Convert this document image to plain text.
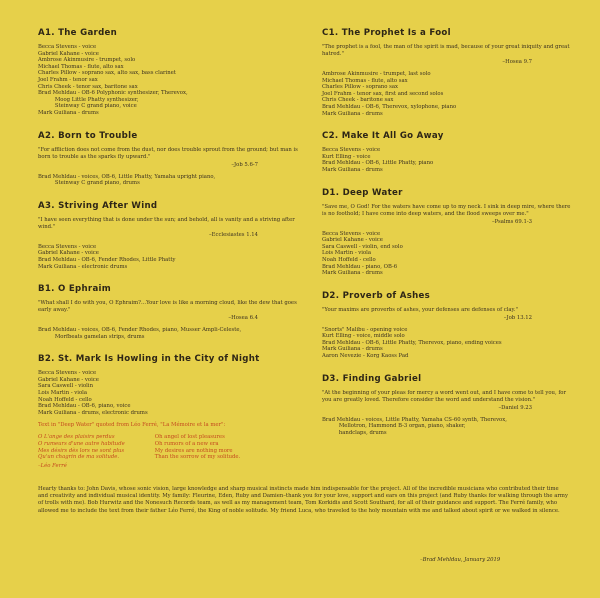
A1. The Garden
Becca Stevens - voice
Gabriel Kahane - voice
Ambrose Akinmusire - trumpet, solo
Michael Thomas - flute, alto sax
Charles Pillow - soprano sax, alto sax, bass clarinet
Joel Frahm - tenor sax
Chris Cheek - tenor sax, baritone sax
Brad Mehldau - OB-6 Polyphonic synthesizer, Therevox,
Moog Little Phatty synthesizer,
Steinway C grand piano, voice
Mark Guiliana - drums
A2. Born to Trouble
"For affliction does not come from the dust, nor does trouble sprout from the ground; but man is born to trouble as the sparks fly upward."
–Job 5.6-7
Brad Mehldau - voices, OB-6, Little Phatty, Yamaha upright piano,
Steinway C grand piano, drums
A3. Striving After Wind
"I have seen everything that is done under the sun; and behold, all is vanity and a striving after wind."
–Ecclesiastes 1.14
Becca Stevens - voice
Gabriel Kahane - voice
Brad Mehldau - OB-6, Fender Rhodes, Little Phatty
Mark Guiliana - electronic drums
B1. O Ephraim
"What shall I do with you, O Ephraim?...Your love is like a morning cloud, like the dew that goes early away."
–Hosea 6.4
Brad Mehldau - voices, OB-6, Fender Rhodes, piano, Musser Ampli-Celeste,
Morfbeats gamelan strips, drums
B2. St. Mark Is Howling in the City of Night
Becca Stevens - voice
Gabriel Kahane - voice
Sara Caswell - violin
Lois Martin - viola
Noah Hoffeld - cello
Brad Mehldau - OB-6, piano, voice
Mark Guiliana - drums, electronic drums
Text in "Deep Water" quoted from Léo Ferré, "La Mémoire et la mer":
O L'ange des plaisirs perdus
O rumeurs d'une autre habitude
Mes désirs dès lors ne sont plus
Qu'un chagrin de ma solitude.
Oh angel of lost pleasures
Oh rumors of a new era
My desires are nothing more
Than the sorrow of my solitude.
–Léo Ferré
C1. The Prophet Is a Fool
"The prophet is a fool, the man of the spirit is mad, because of your great iniquity and great hatred."
–Hosea 9.7
Ambrose Akinmusire - trumpet, last solo
Michael Thomas - flute, alto sax
Charles Pillow - soprano sax
Joel Frahm - tenor sax, first and second solos
Chris Cheek - baritone sax
Brad Mehldau - OB-6, Therevox, xylophone, piano
Mark Guiliana - drums
C2. Make It All Go Away
Becca Stevens - voice
Kurt Elling - voice
Brad Mehldau - OB-6, Little Phatty, piano
Mark Guiliana - drums
D1. Deep Water
"Save me, O God! For the waters have come up to my neck. I sink in deep mire, where there is no foothold; I have come into deep waters, and the flood sweeps over me."
–Psalms 69.1-3
Becca Stevens - voice
Gabriel Kahane - voice
Sara Caswell - violin, end solo
Lois Martin - viola
Noah Hoffeld - cello
Brad Mehldau - piano, OB-6
Mark Guiliana - drums
D2. Proverb of Ashes
"Your maxims are proverbs of ashes, your defenses are defenses of clay."
–Job 13.12
"Snorts" Malibu - opening voice
Kurt Elling - voice, middle solo
Brad Mehldau - OB-6, Little Phatty, Therevox, piano, ending voices
Mark Guiliana - drums
Aaron Nevezie - Korg Kaoss Pad
D3. Finding Gabriel
"At the beginning of your pleas for mercy a word went out, and I have come to tell you, for you are greatly loved. Therefore consider the word and understand the vision."
–Daniel 9.23
Brad Mehldau - voices, Little Phatty, Yamaha CS-60 synth, Therevox,
Mellotron, Hammond B-3 organ, piano, shaker,
handclaps, drums
Hearty thanks to: John Davis, whose sonic vision, large knowledge and sharp musical instincts made him indispensable for the project. All of the incredible musicians who contributed their time and creativity and individual musical identity. My family: Fleurine, Eden, Ruby and Damien–thank you for your love, support and ears on this project (and Ruby thanks for walking through the army of trolls with me). Bob Hurwitz and the Nonesuch Records team, as well as my management team, Tom Korkidis and Scott Southard, for all of their guidance and support. The Ferré family, who allowed me to include the text from their father Léo Ferré, the King of noble solitude. My friend Luca, who traveled to the holy mountain with me and talked about spirit or we walked in silence.
–Brad Mehldau, January 2019
